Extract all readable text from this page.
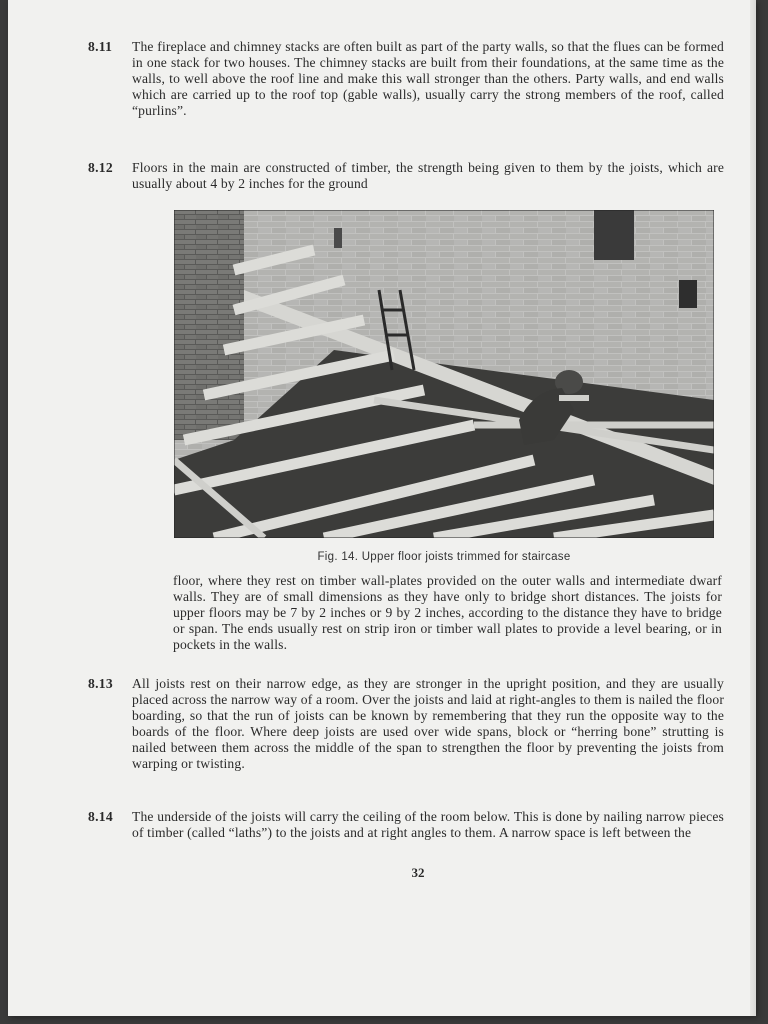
8.11	The fireplace and chimney stacks are often built as part of the party walls, so that the flues can be formed in one stack for two houses. The chimney stacks are built from their foundations, at the same time as the walls, to well above the roof line and make this wall stronger than the others. Party walls, and end walls which are carried up to the roof top (gable walls), usually carry the strong members of the roof, called “purlins”.
8.12	Floors in the main are constructed of timber, the strength being given to them by the joists, which are usually about 4 by 2 inches for the ground
Fig. 14. Upper floor joists trimmed for staircase
floor, where they rest on timber wall-plates provided on the outer walls and intermediate dwarf walls. They are of small dimensions as they have only to bridge short distances. The joists for upper floors may be 7 by 2 inches or 9 by 2 inches, according to the distance they have to bridge or span. The ends usually rest on strip iron or timber wall plates to provide a level bearing, or in pockets in the walls.
8.13	All joists rest on their narrow edge, as they are stronger in the upright position, and they are usually placed across the narrow way of a room. Over the joists and laid at right-angles to them is nailed the floor boarding, so that the run of joists can be known by remembering that they run the opposite way to the boards of the floor. Where deep joists are used over wide spans, block or “herring bone” strutting is nailed between them across the middle of the span to strengthen the floor by preventing the joists from warping or twisting.
8.14	The underside of the joists will carry the ceiling of the room below. This is done by nailing narrow pieces of timber (called “laths”) to the joists and at right angles to them. A narrow space is left between the
32
